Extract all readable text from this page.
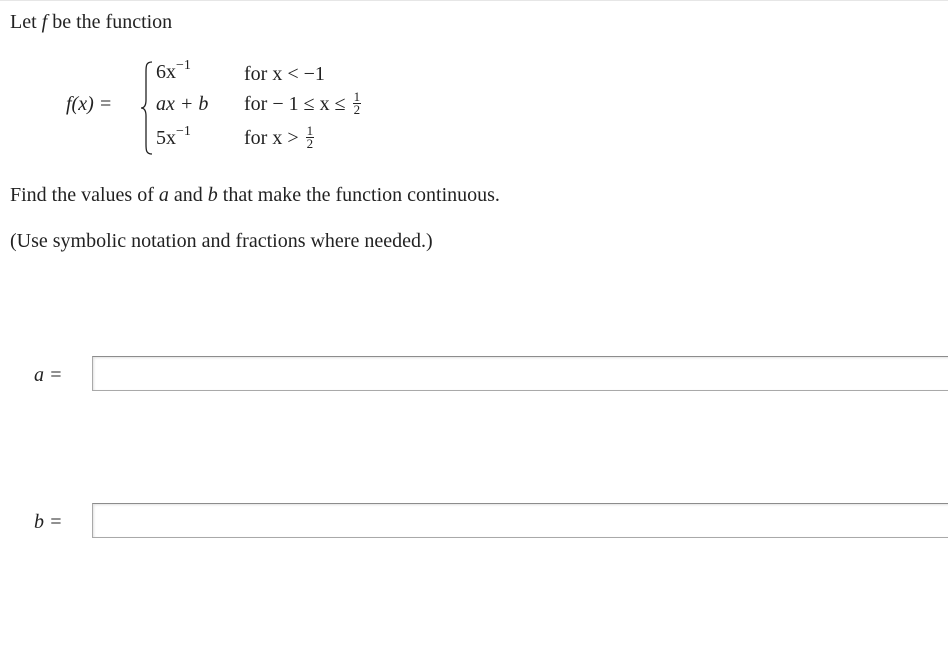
Let f be the function
f(x) =
$6x^{-1}$	for x < −1
ax + b for − $1 \le x \le \frac{1}{2}$
$5x^{-1}$	for $x > \frac{1}{2}$
Find the values of a and b that make the function continuous.
(Use symbolic notation and fractions where needed.)
a =
b =
